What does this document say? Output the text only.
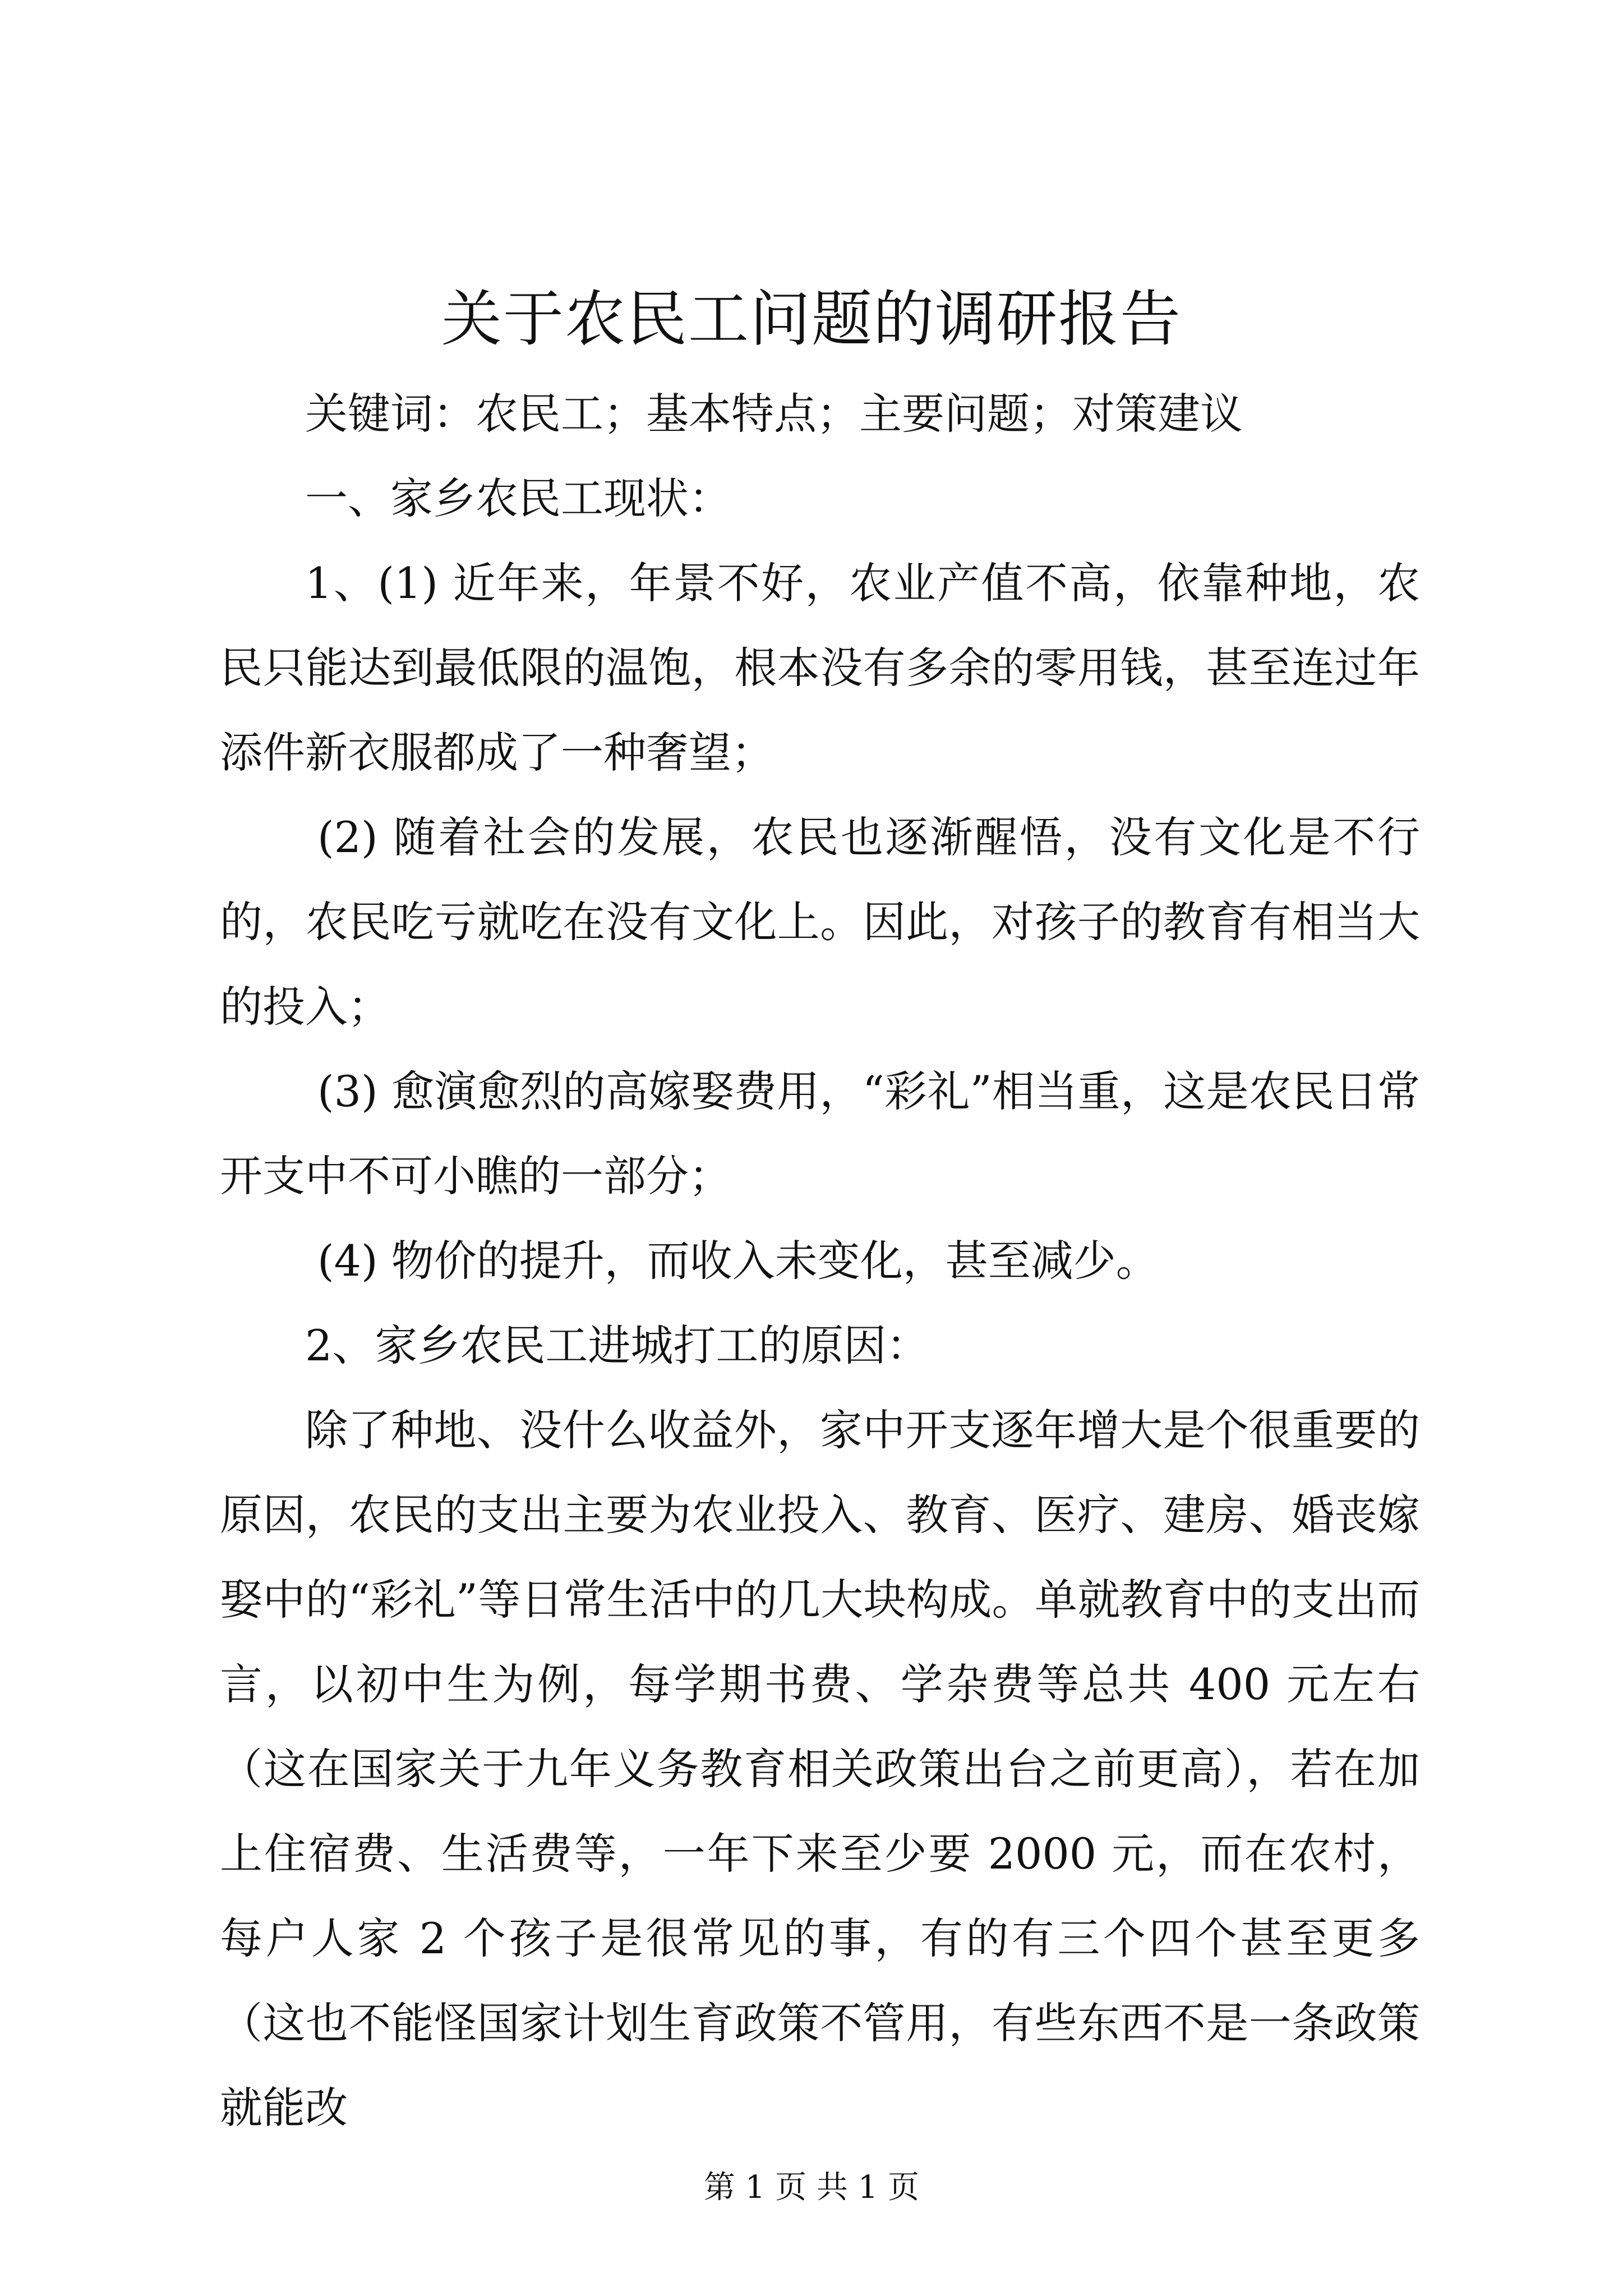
关于农民工问题的调研报告

关键词：农民工；基本特点；主要问题；对策建议

一、家乡农民工现状：

1、(1) 近年来，年景不好，农业产值不高，依靠种地，农民只能达到最低限的温饱，根本没有多余的零用钱，甚至连过年添件新衣服都成了一种奢望；

(2) 随着社会的发展，农民也逐渐醒悟，没有文化是不行的，农民吃亏就吃在没有文化上。因此，对孩子的教育有相当大的投入；

(3) 愈演愈烈的高嫁娶费用，“彩礼”相当重，这是农民日常开支中不可小瞧的一部分；

(4) 物价的提升，而收入未变化，甚至减少。

2、家乡农民工进城打工的原因：

除了种地、没什么收益外，家中开支逐年增大是个很重要的原因，农民的支出主要为农业投入、教育、医疗、建房、婚丧嫁娶中的“彩礼”等日常生活中的几大块构成。单就教育中的支出而言，以初中生为例，每学期书费、学杂费等总共 400 元左右（这在国家关于九年义务教育相关政策出台之前更高），若在加上住宿费、生活费等，一年下来至少要 2000 元，而在农村，每户人家 2 个孩子是很常见的事，有的有三个四个甚至更多（这也不能怪国家计划生育政策不管用，有些东西不是一条政策就能改

第 1 页 共 1 页
